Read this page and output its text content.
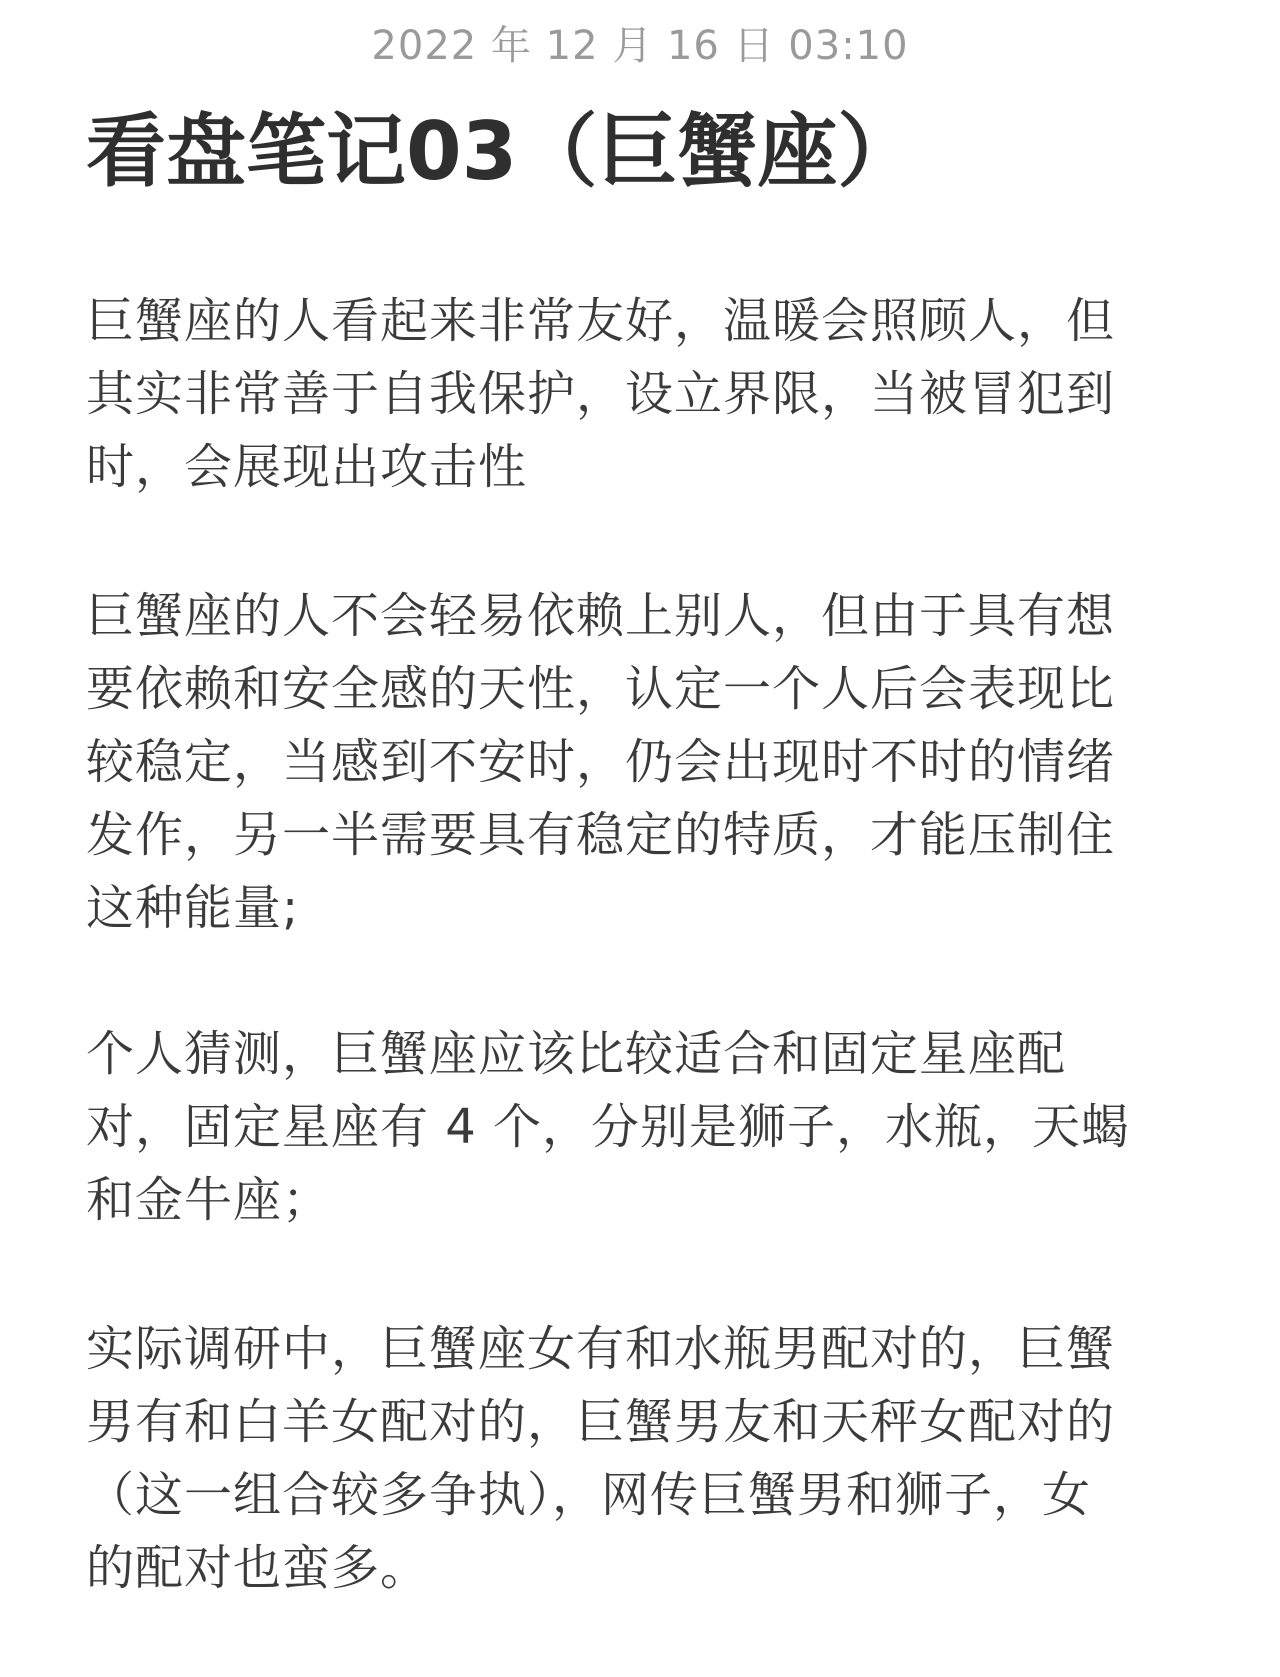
2022 年 12 月 16 日 03:10
看盘笔记03（巨蟹座）

巨蟹座的人看起来非常友好，温暖会照顾人，但
其实非常善于自我保护，设立界限，当被冒犯到
时，会展现出攻击性

巨蟹座的人不会轻易依赖上别人，但由于具有想
要依赖和安全感的天性，认定一个人后会表现比
较稳定，当感到不安时，仍会出现时不时的情绪
发作，另一半需要具有稳定的特质，才能压制住
这种能量;

个人猜测，巨蟹座应该比较适合和固定星座配
对，固定星座有 4 个，分别是狮子，水瓶，天蝎
和金牛座；

实际调研中，巨蟹座女有和水瓶男配对的，巨蟹
男有和白羊女配对的，巨蟹男友和天秤女配对的
（这一组合较多争执），网传巨蟹男和狮子，女
的配对也蛮多。
